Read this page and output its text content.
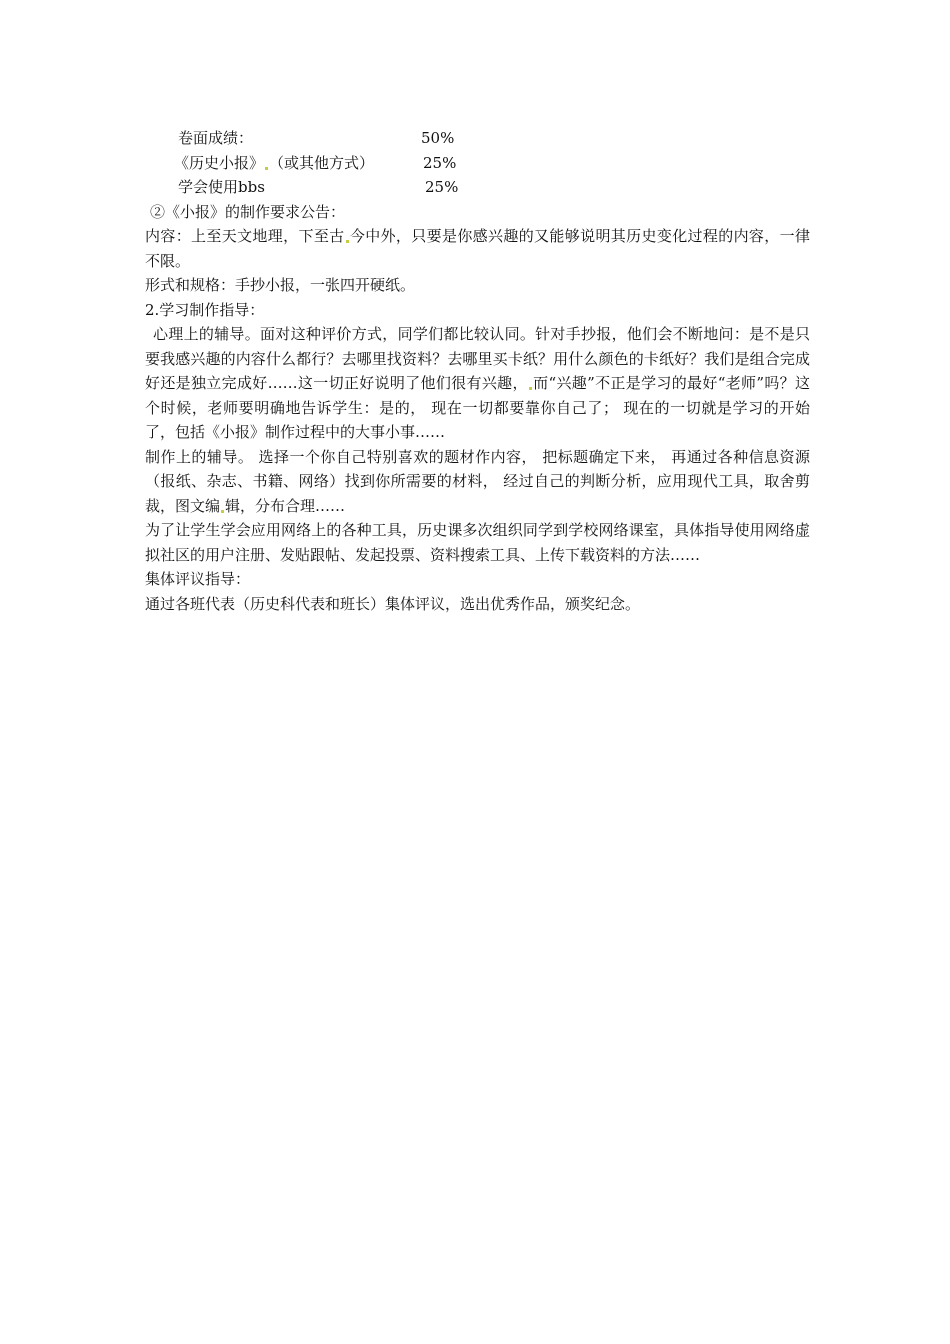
卷面成绩：	50%
《历史小报》 （或其他方式）	25%
学会使用bbs	25%
②《小报》的制作要求公告：

内容：上至天文地理，下至古 今中外，只要是你感兴趣的又能够说明其历史变化过程的内容，一律不限。

形式和规格：手抄小报，一张四开硬纸。
2.学习制作指导：

心理上的辅导。面对这种评价方式，同学们都比较认同。针对手抄报，他们会不断地问：是不是只要我感兴趣的内容什么都行？去哪里找资料？去哪里买卡纸？用什么颜色的卡纸好？我们是组合完成好还是独立完成好……这一切正好说明了他们很有兴趣， 而“兴趣”不正是学习的最好“老师”吗？这个时候，老师要明确地告诉学生：是的， 现在一切都要靠你自己了； 现在的一切就是学习的开始了，包括《小报》制作过程中的大事小事……

制作上的辅导。 选择一个你自己特别喜欢的题材作内容， 把标题确定下来， 再通过各种信息资源（报纸、杂志、书籍、网络）找到你所需要的材料， 经过自己的判断分析，应用现代工具，取舍剪裁，图文编 辑，分布合理……

为了让学生学会应用网络上的各种工具，历史课多次组织同学到学校网络课室，具体指导使用网络虚拟社区的用户注册、发贴跟帖、发起投票、资料搜索工具、上传下载资料的方法……

集体评议指导：
通过各班代表（历史科代表和班长）集体评议，选出优秀作品，颁奖纪念。
